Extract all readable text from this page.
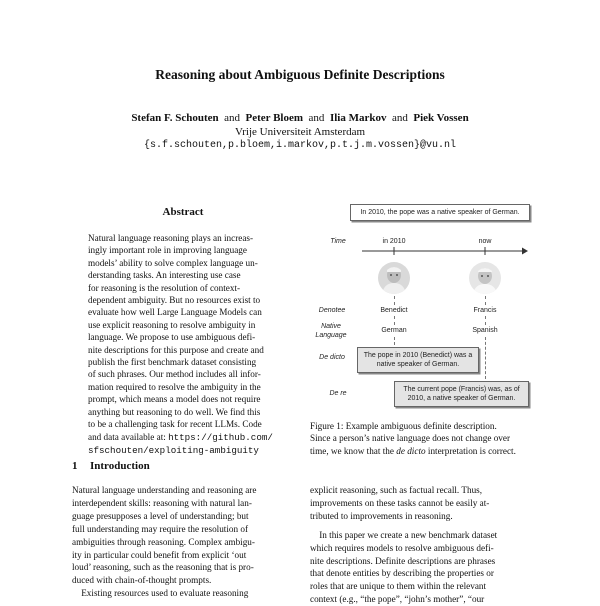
Reasoning about Ambiguous Definite Descriptions
Stefan F. Schouten and Peter Bloem and Ilia Markov and Piek Vossen
Vrije Universiteit Amsterdam
{s.f.schouten,p.bloem,i.markov,p.t.j.m.vossen}@vu.nl
Abstract

Natural language reasoning plays an increas-

ingly important role in improving language

models’ ability to solve complex language un-

derstanding tasks. An interesting use case

for reasoning is the resolution of context-

dependent ambiguity. But no resources exist to

evaluate how well Large Language Models can

use explicit reasoning to resolve ambiguity in

language. We propose to use ambiguous defi-

nite descriptions for this purpose and create and

publish the first benchmark dataset consisting

of such phrases. Our method includes all infor-

mation required to resolve the ambiguity in the

prompt, which means a model does not require

anything but reasoning to do well. We find this

to be a challenging task for recent LLMs. Code

and data available at: https://github.com/

sfschouten/exploiting-ambiguity

1 Introduction

Natural language understanding and reasoning are

interdependent skills: reasoning with natural lan-

guage presupposes a level of understanding; but

full understanding may require the resolution of

ambiguities through reasoning. Complex ambigu-

ity in particular could benefit from explicit ‘out

loud’ reasoning, such as the reasoning that is pro-

duced with chain-of-thought prompts.

Existing resources used to evaluate reasoning

explicit reasoning, such as factual recall. Thus,

improvements on these tasks cannot be easily at-

tributed to improvements in reasoning.

In this paper we create a new benchmark dataset

which requires models to resolve ambiguous defi-

nite descriptions. Definite descriptions are phrases

that denote entities by describing the properties or

roles that are unique to them within the relevant

context (e.g., “the pope”, “john’s mother”, “our

In 2010, the pope was a native speaker of German.
Time	in 2010	now
Denotee	Benedict	Francis
Native
Language
German	Spanish
De dicto	The pope in 2010 (Benedict) was a native speaker of German.
De re
The current pope (Francis) was, as of 2010, a native speaker of German.

Figure 1: Example ambiguous definite description.

Since a person’s native language does not change over

time, we know that the de dicto interpretation is correct.
